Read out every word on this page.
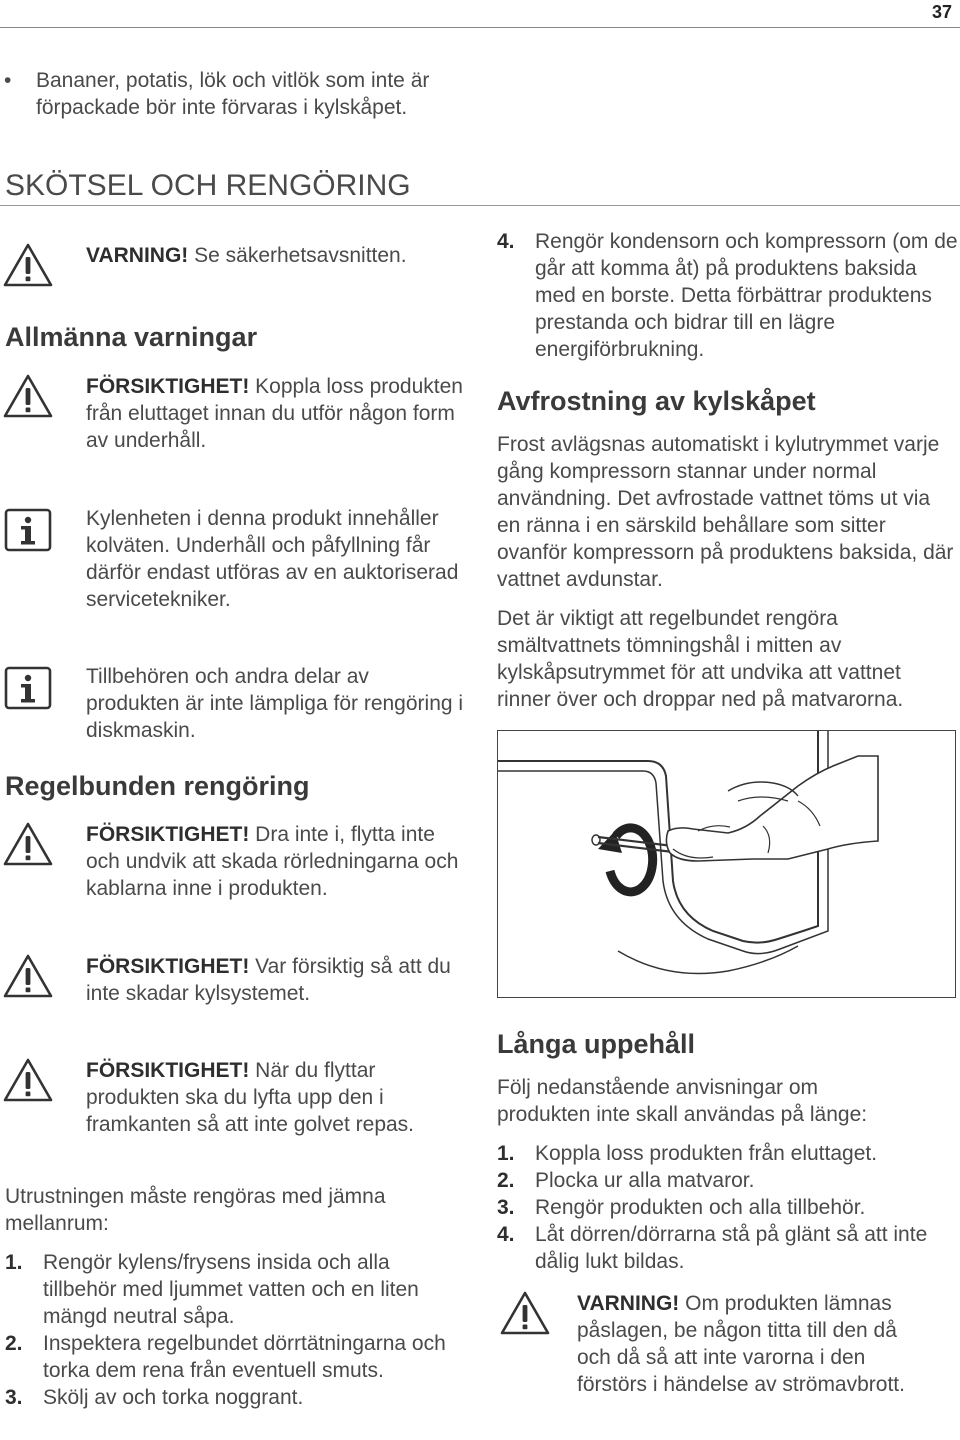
37
• Bananer, potatis, lök och vitlök som inte är förpackade bör inte förvaras i kylskåpet.

SKÖTSEL OCH RENGÖRING

VARNING! Se säkerhetsavsnitten.

Allmänna varningar

FÖRSIKTIGHET! Koppla loss produkten från eluttaget innan du utför någon form av underhåll.

Kylenheten i denna produkt innehåller kolväten. Underhåll och påfyllning får därför endast utföras av en auktoriserad servicetekniker.

Tillbehören och andra delar av produkten är inte lämpliga för rengöring i diskmaskin.

Regelbunden rengöring

FÖRSIKTIGHET! Dra inte i, flytta inte och undvik att skada rörledningarna och kablarna inne i produkten.

FÖRSIKTIGHET! Var försiktig så att du inte skadar kylsystemet.

FÖRSIKTIGHET! När du flyttar produkten ska du lyfta upp den i framkanten så att inte golvet repas.

Utrustningen måste rengöras med jämna mellanrum:

1. Rengör kylens/frysens insida och alla tillbehör med ljummet vatten och en liten mängd neutral såpa.
2. Inspektera regelbundet dörrtätningarna och torka dem rena från eventuell smuts.
3. Skölj av och torka noggrant.
4. Rengör kondensorn och kompressorn (om de går att komma åt) på produktens baksida med en borste. Detta förbättrar produktens prestanda och bidrar till en lägre energiförbrukning.
Avfrostning av kylskåpet

Frost avlägsnas automatiskt i kylutrymmet varje gång kompressorn stannar under normal användning. Det avfrostade vattnet töms ut via en ränna i en särskild behållare som sitter ovanför kompressorn på produktens baksida, där vattnet avdunstar.

Det är viktigt att regelbundet rengöra smältvattnets tömningshål i mitten av kylskåpsutrymmet för att undvika att vattnet rinner över och droppar ned på matvarorna.

Långa uppehåll

Följ nedanstående anvisningar om produkten inte skall användas på länge:

1. Koppla loss produkten från eluttaget.
2. Plocka ur alla matvaror.
3. Rengör produkten och alla tillbehör.
4. Låt dörren/dörrarna stå på glänt så att inte dålig lukt bildas.

VARNING! Om produkten lämnas påslagen, be någon titta till den då och då så att inte varorna i den förstörs i händelse av strömavbrott.
